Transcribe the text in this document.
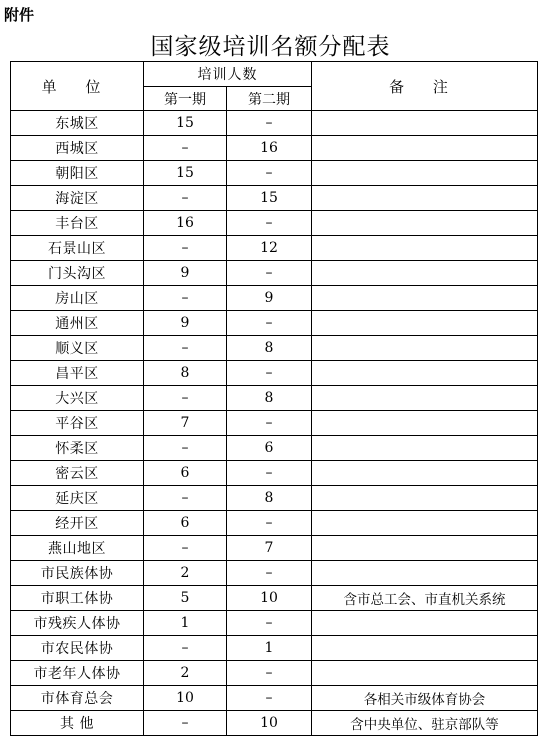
附件
国家级培训名额分配表
单 位	培训人数		备 注
	第一期	第二期	
东城区	15	–	
西城区	–	16	
朝阳区	15	–	
海淀区	–	15	
丰台区	16	–	
石景山区	–	12	
门头沟区	9	–	
房山区	–	9	
通州区	9	–	
顺义区	–	8	
昌平区	8	–	
大兴区	–	8	
平谷区	7	–	
怀柔区	–	6	
密云区	6	–	
延庆区	–	8	
经开区	6	–	
燕山地区	–	7	
市民族体协	2	–	
市职工体协	5	10	含市总工会、市直机关系统
市残疾人体协	1	–	
市农民体协	–	1	
市老年人体协	2	–	
市体育总会	10	–	各相关市级体育协会
其 他	–	10	含中央单位、驻京部队等
